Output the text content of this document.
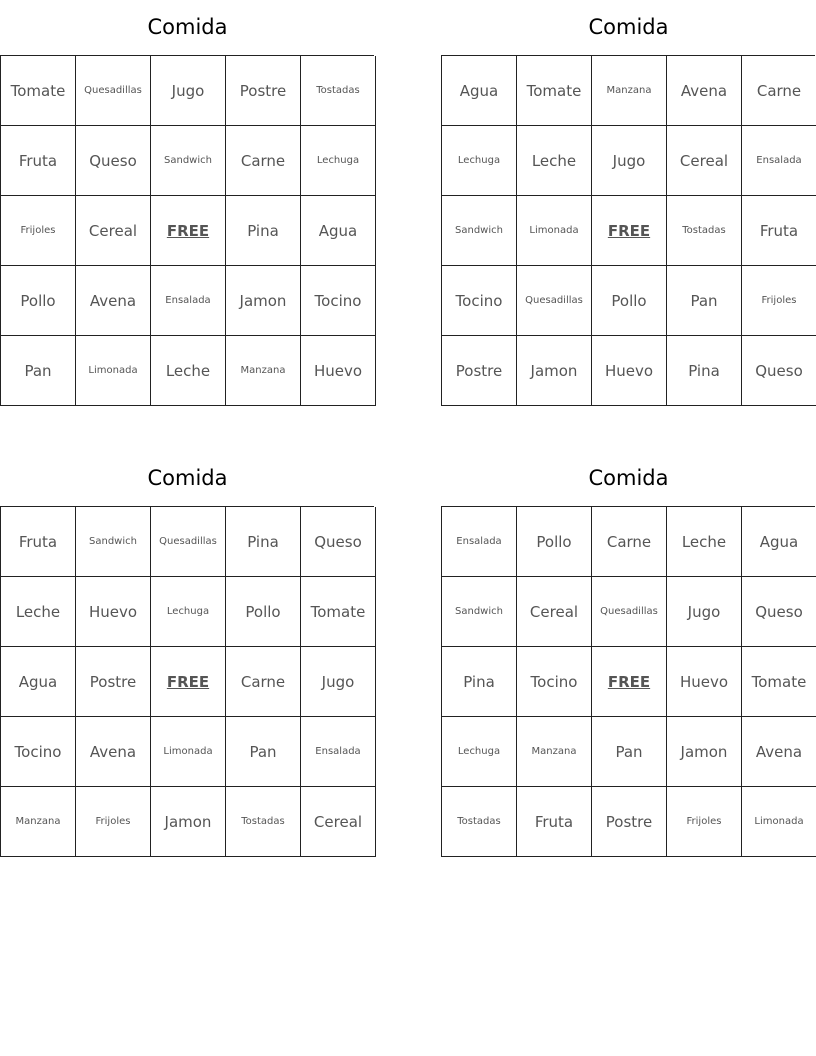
Comida
Tomate	Quesadillas	Jugo	Postre	Tostadas
Fruta	Queso	Sandwich	Carne	Lechuga
Frijoles	Cereal	FREE	Pina	Agua
Pollo	Avena	Ensalada	Jamon	Tocino
Pan	Limonada	Leche	Manzana	Huevo
Comida
Agua	Tomate	Manzana	Avena	Carne
Lechuga	Leche	Jugo	Cereal	Ensalada
Sandwich	Limonada	FREE	Tostadas	Fruta
Tocino	Quesadillas	Pollo	Pan	Frijoles
Postre	Jamon	Huevo	Pina	Queso
Comida
Fruta	Sandwich	Quesadillas	Pina	Queso
Leche	Huevo	Lechuga	Pollo	Tomate
Agua	Postre	FREE	Carne	Jugo
Tocino	Avena	Limonada	Pan	Ensalada
Manzana	Frijoles	Jamon	Tostadas	Cereal
Comida
Ensalada	Pollo	Carne	Leche	Agua
Sandwich	Cereal	Quesadillas	Jugo	Queso
Pina	Tocino	FREE	Huevo	Tomate
Lechuga	Manzana	Pan	Jamon	Avena
Tostadas	Fruta	Postre	Frijoles	Limonada
